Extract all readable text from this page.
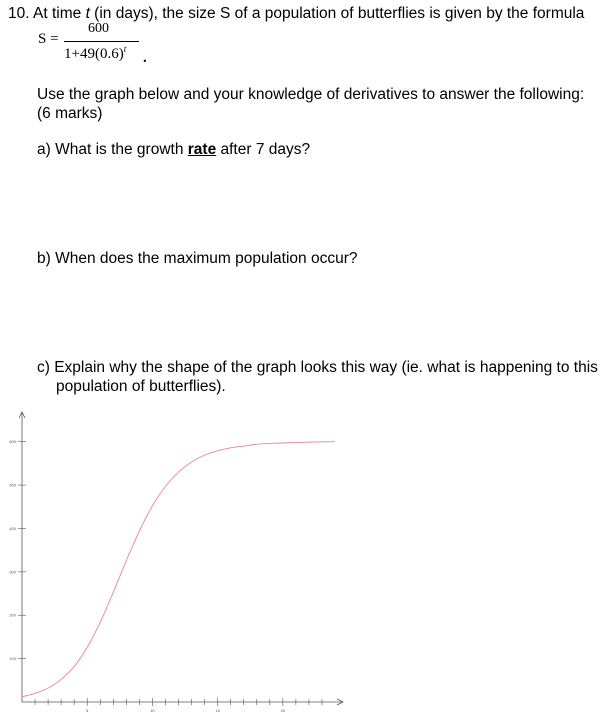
10. At time t (in days), the size S of a population of butterflies is given by the formula
S =
600
$1+49(0.6)^t$
.
Use the graph below and your knowledge of derivatives to answer the following:
(6 marks)
a) What is the growth rate after 7 days?
b) When does the maximum population occur?
c) Explain why the shape of the graph looks this way (ie. what is happening to this
population of butterflies).
5	10	15	20
100
200
300
400
500
600
